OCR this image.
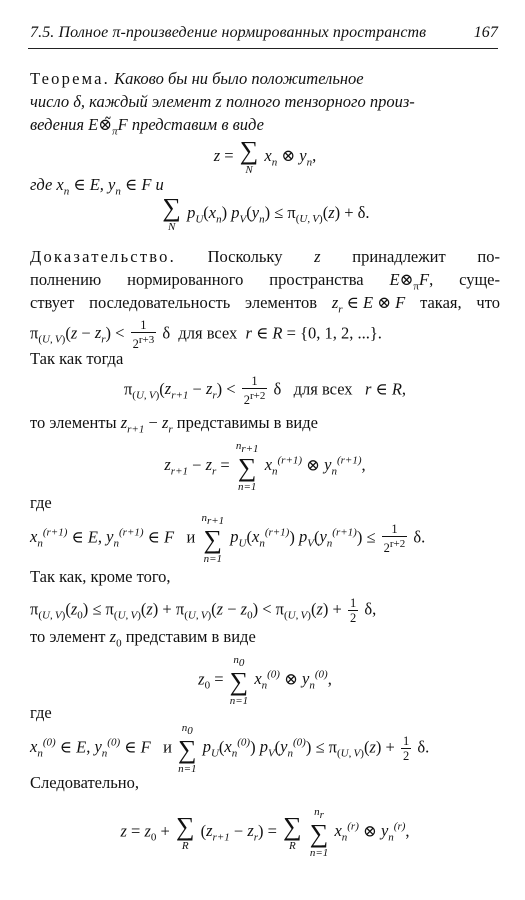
7.5. Полное π-произведение нормированных пространств	167
Теорема. Каково бы ни было положительное
число δ, каждый элемент z полного тензорного произ-
ведения $E\otimes̃_\pi F$ представим в виде
z = ∑
N
$x_n$ ⊗ $y_n$,
где $x_n$ ∈ E, $y_n$ ∈ F и
∑
N
$p_U(x_n) p_V(y_n) \le \pi_{(U, V)}(z) + \delta$.
Доказательство. Поскольку z принадлежит по-
полнению нормированного пространства $E\otimes_\pi F$, суще-
ствует последовательность элементов $z_r$ ∈ E ⊗ F такая, что
$\pi_{(U, V)}(z - z_r) < \frac{1}{2^{r+3}}$ δ  для всех  r ∈ R = {0, 1, 2, ...}.
Так как тогда
$\pi_{(U, V)}(z_{r+1} - z_r) < \frac{1}{2^{r+2}}$ δ   для всех   r ∈ R,
то элементы $z_{r+1} - z_r$ представимы в виде
$z_{r+1} - z_r$ =
$n_{r+1}$
∑
n=1
$x_n^{(r+1)}$ ⊗ $y_n^{(r+1)}$,
где
$x_n^{(r+1)}$ ∈ E, $y_n^{(r+1)}$ ∈ F   и
$n_{r+1}$
∑
n=1
$p_U(x_n^{(r+1)}) p_V(y_n^{(r+1)}) \le \frac{1}{2^{r+2}} \delta$.
Так как, кроме того,
$\pi_{(U, V)}(z_0) \le \pi_{(U, V)}(z) + \pi_{(U, V)}(z - z_0) < \pi_{(U, V)}(z) + \frac{1}{2} \delta$,
то элемент $z_0$ представим в виде
$z_0$ =
$n_0$
∑
n=1
$x_n^{(0)}$ ⊗ $y_n^{(0)}$,
где
$x_n^{(0)}$ ∈ E, $y_n^{(0)}$ ∈ F   и
$n_0$
∑
n=1
$p_U(x_n^{(0)}) p_V(y_n^{(0)}) \le \pi_{(U, V)}(z) + \frac{1}{2} \delta$.
Следовательно,
$z = z_0$ + ∑
R
$(z_{r+1} - z_r)$ = ∑
R

$n_r$
∑
n=1
$x_n^{(r)}$ ⊗ $y_n^{(r)}$,
